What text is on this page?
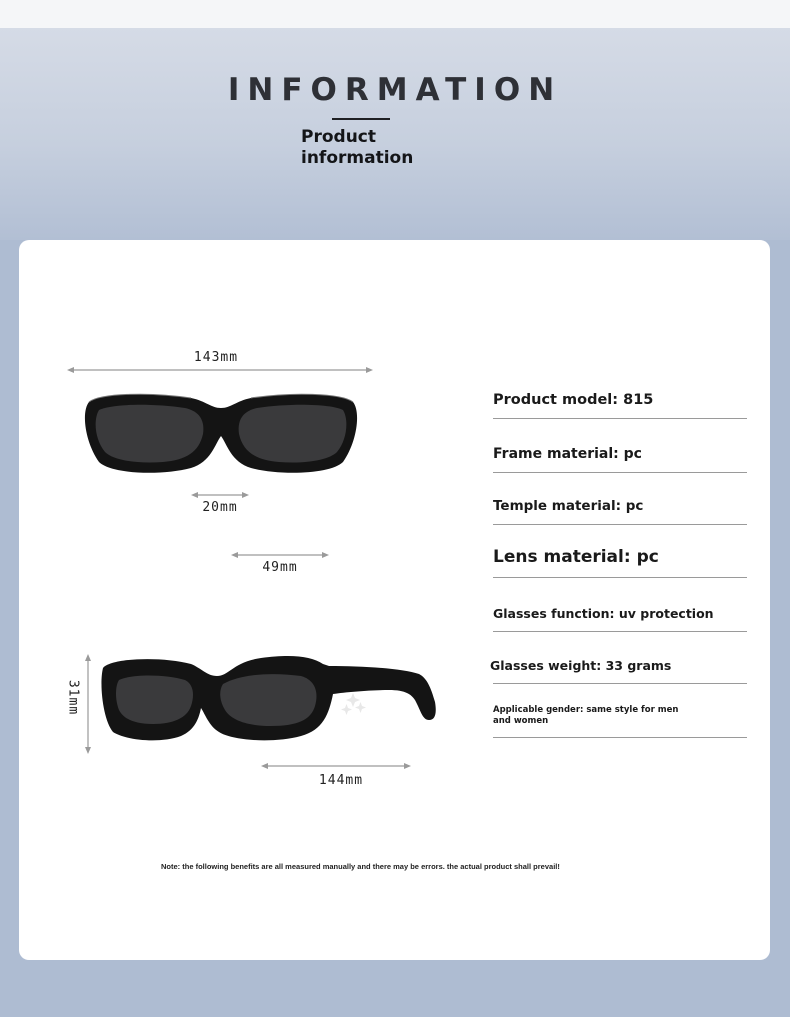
INFORMATION

Product information

143mm
20mm
49mm
31mm
144mm
Product model: 815
Frame material: pc
Temple material: pc
Lens material: pc
Glasses function: uv protection
Glasses weight: 33 grams
Applicable gender: same style for men and women
Note: the following benefits are all measured manually and there may be errors. the actual product shall prevail!
